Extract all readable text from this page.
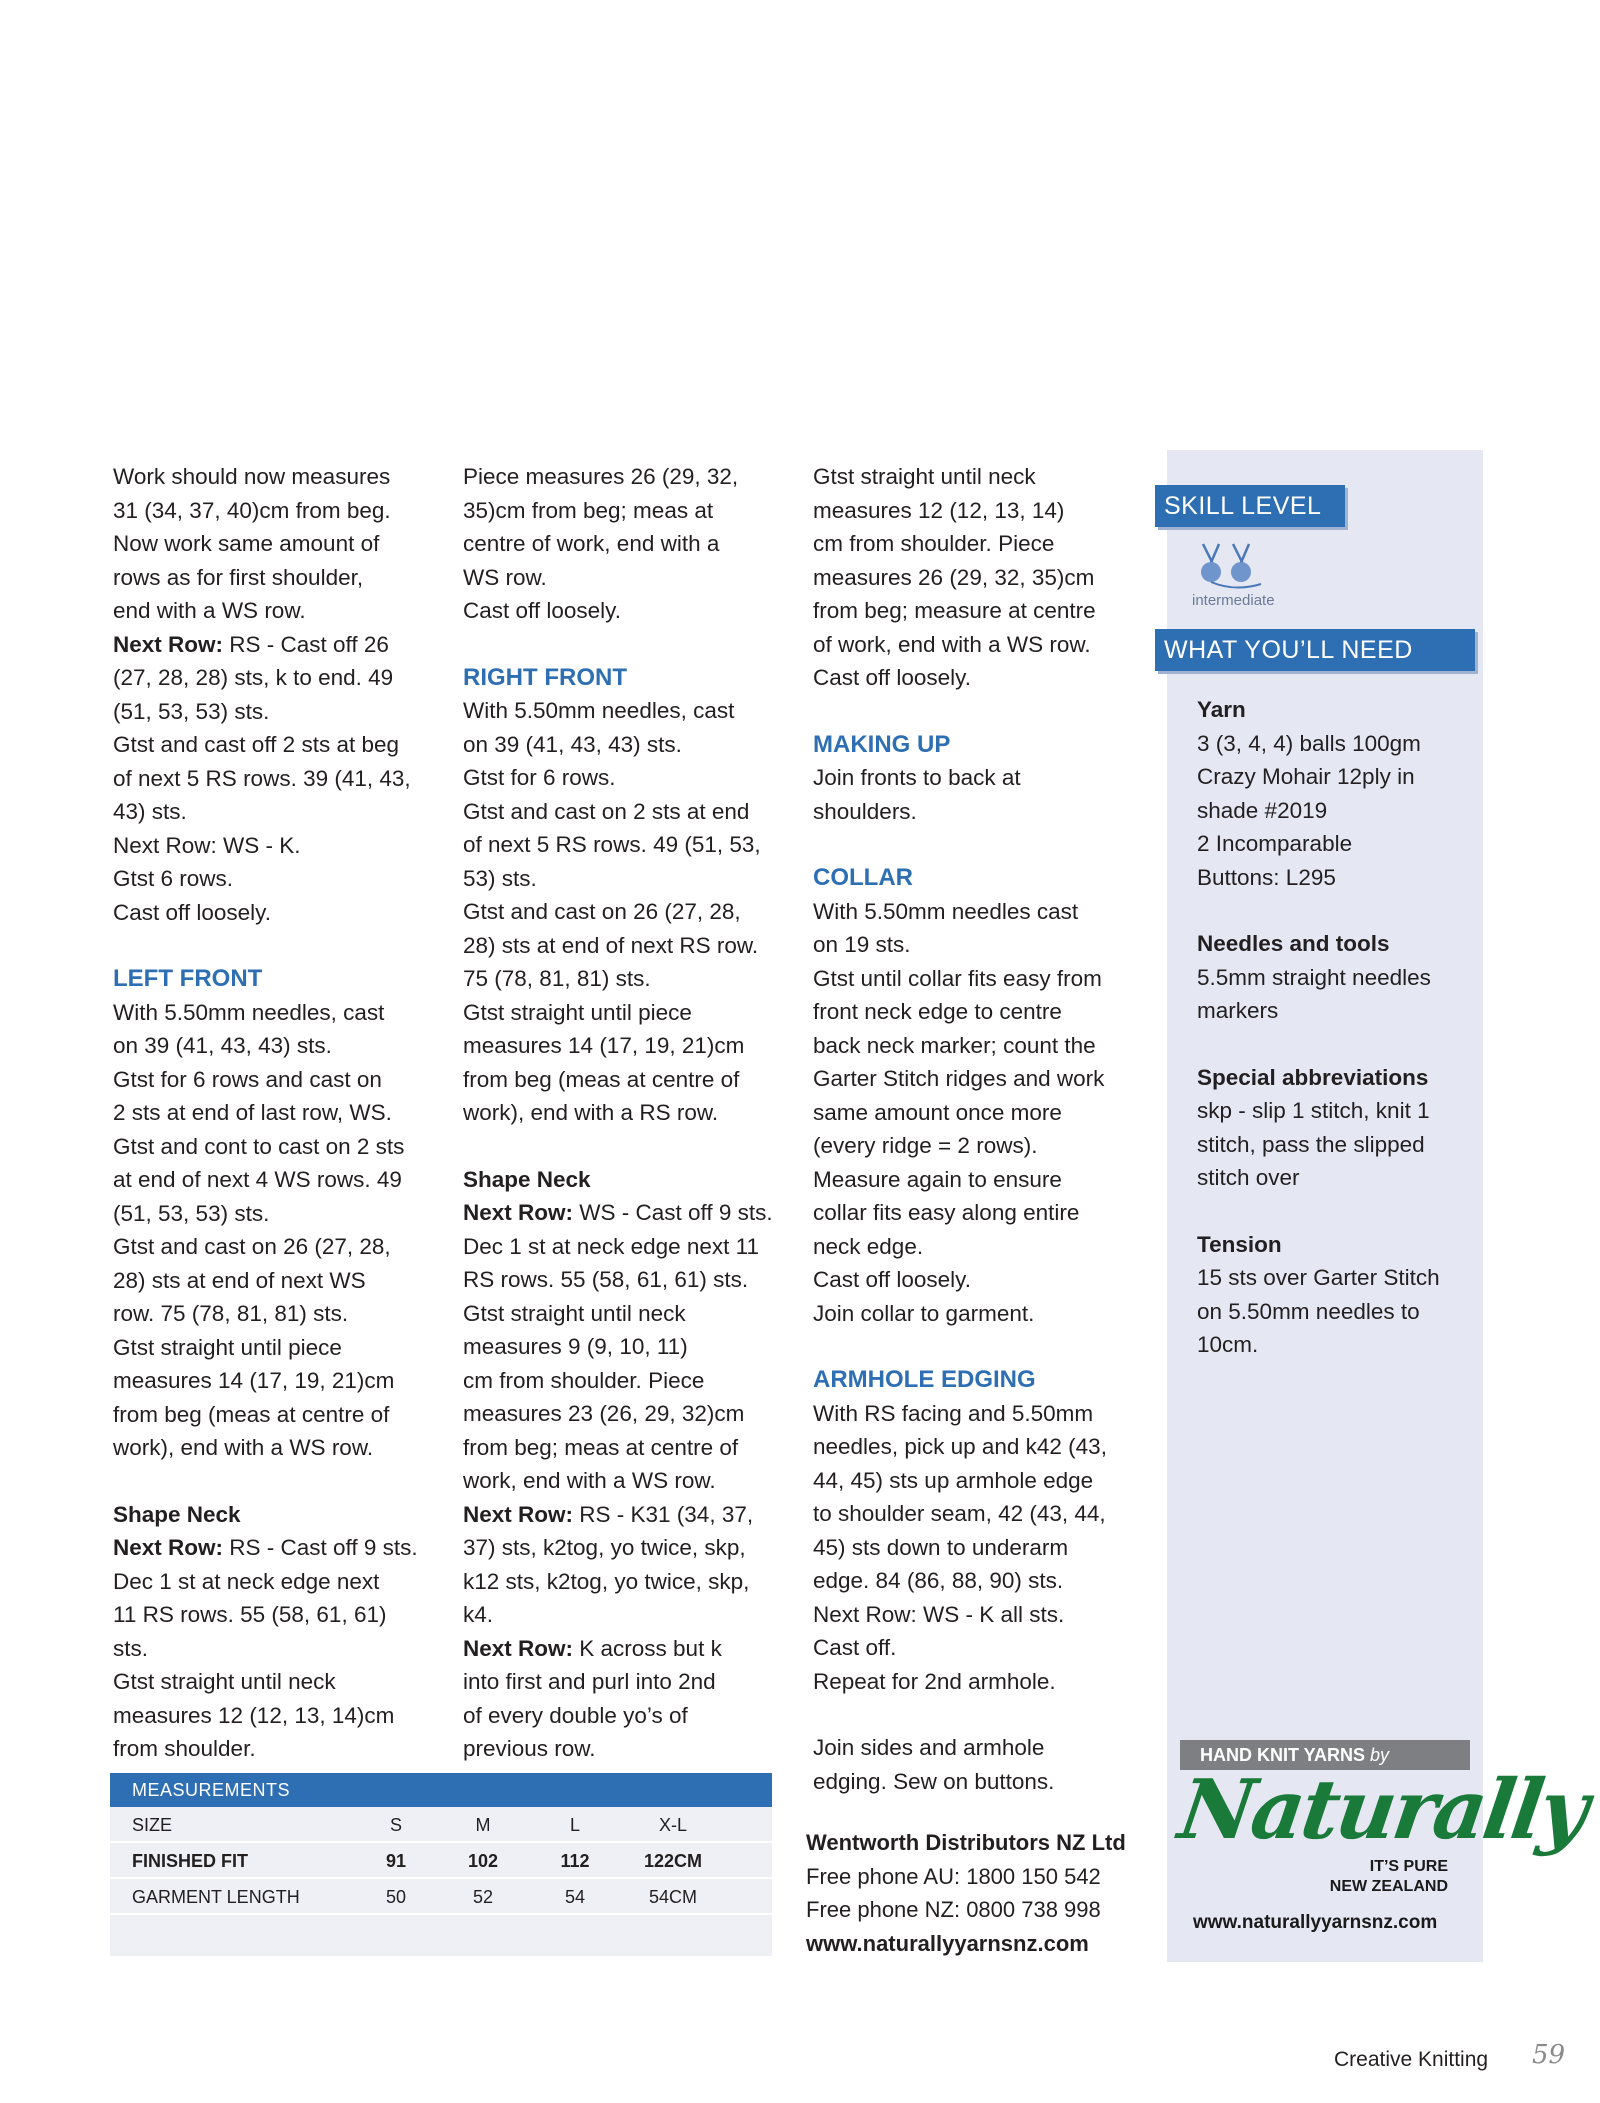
Work should now measures
31 (34, 37, 40)cm from beg.
Now work same amount of
rows as for first shoulder,
end with a WS row.

Next Row: RS - Cast off 26
(27, 28, 28) sts, k to end. 49
(51, 53, 53) sts.
Gtst and cast off 2 sts at beg
of next 5 RS rows. 39 (41, 43,
43) sts.
Next Row: WS - K.
Gtst 6 rows.
Cast off loosely.

LEFT FRONT

With 5.50mm needles, cast
on 39 (41, 43, 43) sts.
Gtst for 6 rows and cast on
2 sts at end of last row, WS.
Gtst and cont to cast on 2 sts
at end of next 4 WS rows. 49
(51, 53, 53) sts.
Gtst and cast on 26 (27, 28,
28) sts at end of next WS
row. 75 (78, 81, 81) sts.
Gtst straight until piece
measures 14 (17, 19, 21)cm
from beg (meas at centre of
work), end with a WS row.

Shape Neck

Next Row: RS - Cast off 9 sts.
Dec 1 st at neck edge next
11 RS rows. 55 (58, 61, 61)
sts.
Gtst straight until neck
measures 12 (12, 13, 14)cm
from shoulder.

Piece measures 26 (29, 32,
35)cm from beg; meas at
centre of work, end with a
WS row.
Cast off loosely.

RIGHT FRONT

With 5.50mm needles, cast
on 39 (41, 43, 43) sts.
Gtst for 6 rows.
Gtst and cast on 2 sts at end
of next 5 RS rows. 49 (51, 53,
53) sts.
Gtst and cast on 26 (27, 28,
28) sts at end of next RS row.
75 (78, 81, 81) sts.
Gtst straight until piece
measures 14 (17, 19, 21)cm
from beg (meas at centre of
work), end with a RS row.

Shape Neck

Next Row: WS - Cast off 9 sts.
Dec 1 st at neck edge next 11
RS rows. 55 (58, 61, 61) sts.
Gtst straight until neck
measures 9 (9, 10, 11)
cm from shoulder. Piece
measures 23 (26, 29, 32)cm
from beg; meas at centre of
work, end with a WS row.

Next Row: RS - K31 (34, 37,
37) sts, k2tog, yo twice, skp,
k12 sts, k2tog, yo twice, skp,
k4.

Next Row: K across but k
into first and purl into 2nd
of every double yo’s of
previous row.

Gtst straight until neck
measures 12 (12, 13, 14)
cm from shoulder. Piece
measures 26 (29, 32, 35)cm
from beg; measure at centre
of work, end with a WS row.
Cast off loosely.

MAKING UP

Join fronts to back at
shoulders.

COLLAR

With 5.50mm needles cast
on 19 sts.
Gtst until collar fits easy from
front neck edge to centre
back neck marker; count the
Garter Stitch ridges and work
same amount once more
(every ridge = 2 rows).
Measure again to ensure
collar fits easy along entire
neck edge.
Cast off loosely.
Join collar to garment.

ARMHOLE EDGING

With RS facing and 5.50mm
needles, pick up and k42 (43,
44, 45) sts up armhole edge
to shoulder seam, 42 (43, 44,
45) sts down to underarm
edge. 84 (86, 88, 90) sts.
Next Row: WS - K all sts.
Cast off.
Repeat for 2nd armhole.

Join sides and armhole
edging. Sew on buttons.

Wentworth Distributors NZ Ltd

Free phone AU: 1800 150 542

Free phone NZ: 0800 738 998

www.naturallyyarnsnz.com

SKILL LEVEL
intermediate
WHAT YOU’LL NEED

Yarn

3 (3, 4, 4) balls 100gm
Crazy Mohair 12ply in
shade #2019
2 Incomparable
Buttons: L295

Needles and tools

5.5mm straight needles
markers

Special abbreviations

skp - slip 1 stitch, knit 1
stitch, pass the slipped
stitch over

Tension

15 sts over Garter Stitch
on 5.50mm needles to
10cm.

HAND KNIT YARNS by
Naturally
IT’S PURE
NEW ZEALAND
www.naturallyyarnsnz.com
MEASUREMENTS
SIZE	S	M	L	X-L
FINISHED FIT	91	102	112	122CM
GARMENT LENGTH	50	52	54	54CM
Creative Knitting 59
